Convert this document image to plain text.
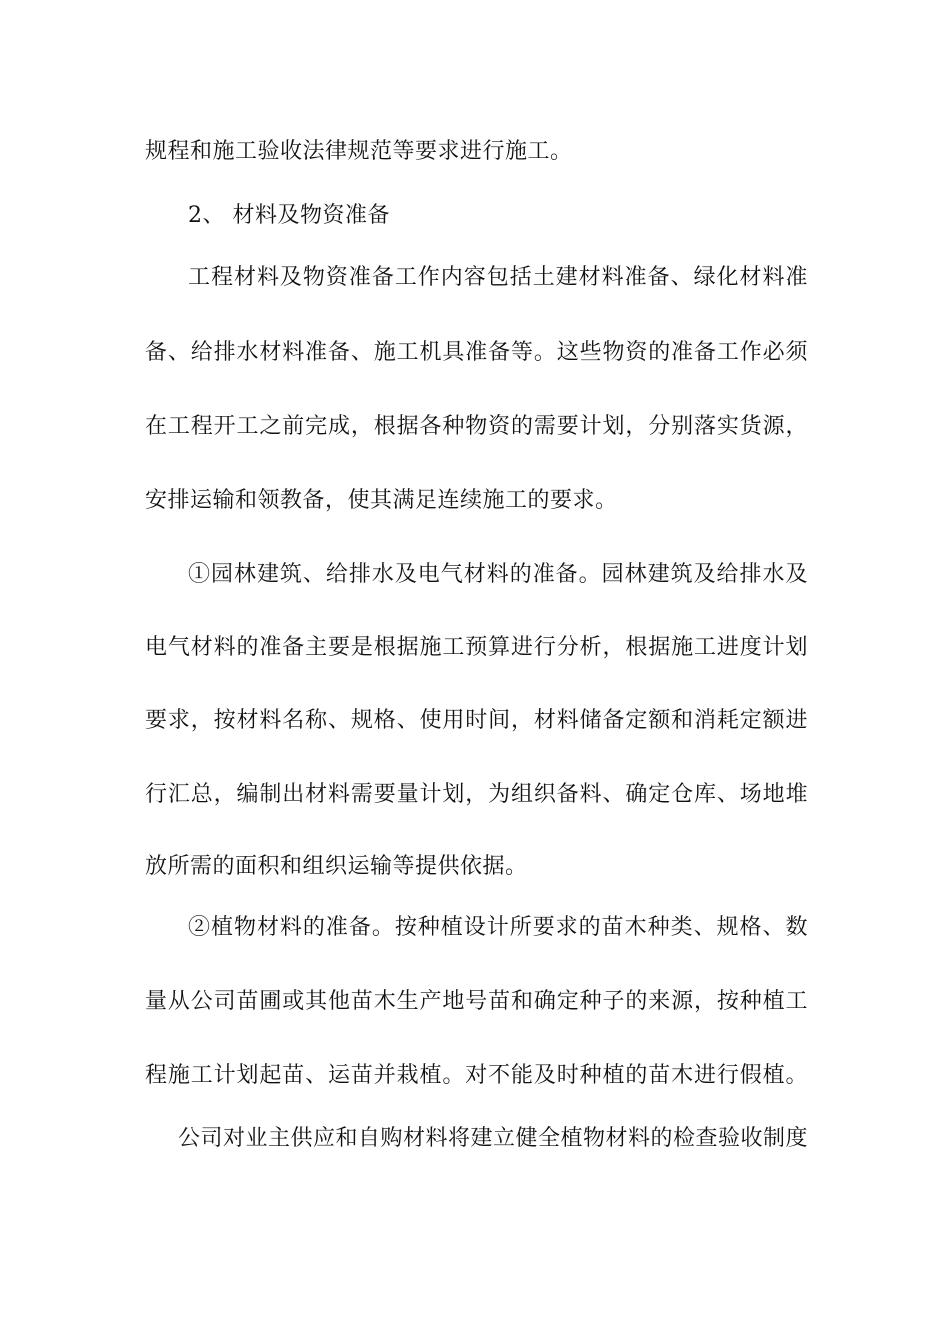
规程和施工验收法律规范等要求进行施工。
2、 材料及物资准备
工程材料及物资准备工作内容包括土建材料准备、绿化材料准
备、给排水材料准备、施工机具准备等。这些物资的准备工作必须
在工程开工之前完成，根据各种物资的需要计划，分别落实货源，
安排运输和领教备，使其满足连续施工的要求。
①园林建筑、给排水及电气材料的准备。园林建筑及给排水及
电气材料的准备主要是根据施工预算进行分析，根据施工进度计划
要求，按材料名称、规格、使用时间，材料储备定额和消耗定额进
行汇总，编制出材料需要量计划，为组织备料、确定仓库、场地堆
放所需的面积和组织运输等提供依据。
②植物材料的准备。按种植设计所要求的苗木种类、规格、数
量从公司苗圃或其他苗木生产地号苗和确定种子的来源，按种植工
程施工计划起苗、运苗并栽植。对不能及时种植的苗木进行假植。
公司对业主供应和自购材料将建立健全植物材料的检查验收制度
